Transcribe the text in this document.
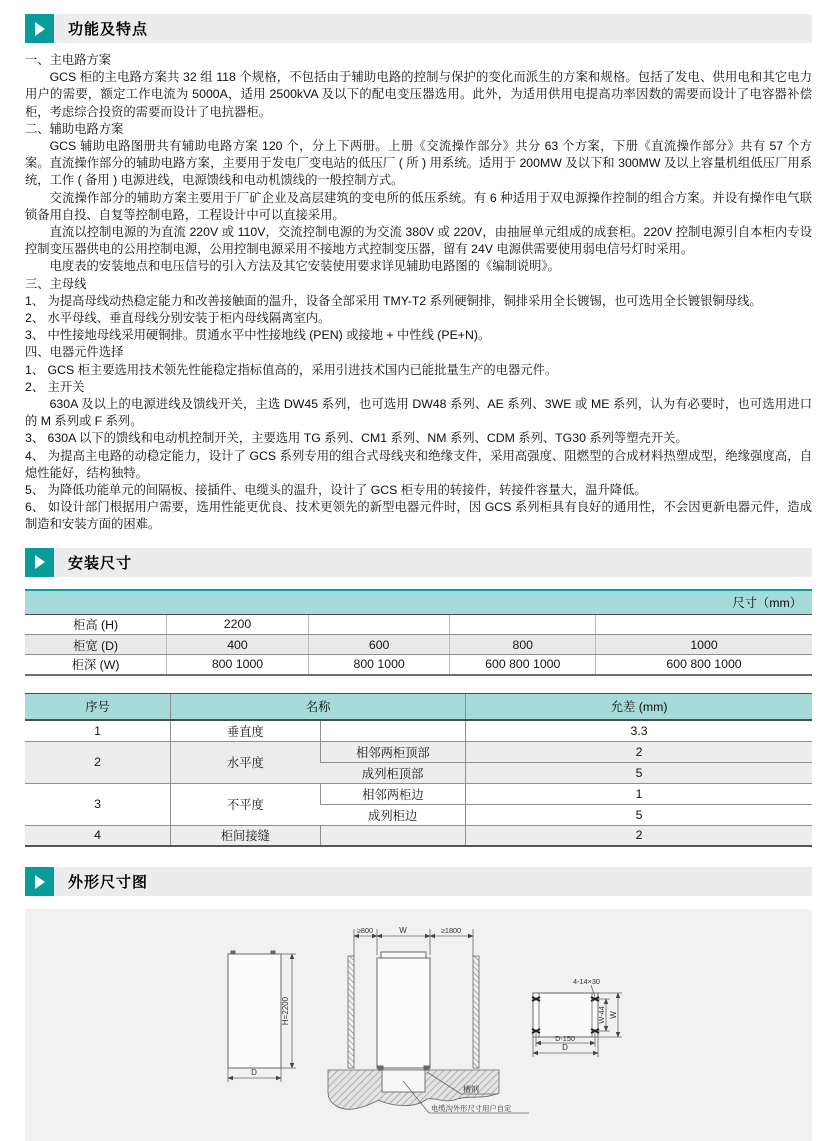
功能及特点
一、主电路方案
GCS 柜的主电路方案共 32 组 118 个规格，不包括由于辅助电路的控制与保护的变化而派生的方案和规格。包括了发电、供用电和其它电力用户的需要，额定工作电流为 5000A，适用 2500kVA 及以下的配电变压器选用。此外，为适用供用电提高功率因数的需要而设计了电容器补偿柜，考虑综合投资的需要而设计了电抗器柜。
二、辅助电路方案
GCS 辅助电路图册共有辅助电路方案 120 个，分上下两册。上册《交流操作部分》共分 63 个方案，下册《直流操作部分》共有 57 个方案。直流操作部分的辅助电路方案，主要用于发电厂变电站的低压厂 ( 所 ) 用系统。适用于 200MW 及以下和 300MW 及以上容量机组低压厂用系统，工作 ( 备用 ) 电源进线，电源馈线和电动机馈线的一般控制方式。
交流操作部分的辅助方案主要用于厂矿企业及高层建筑的变电所的低压系统。有 6 种适用于双电源操作控制的组合方案。并设有操作电气联锁备用自投、自复等控制电路，工程设计中可以直接采用。
直流以控制电源的为直流 220V 或 110V，交流控制电源的为交流 380V 或 220V，由抽屉单元组成的成套柜。220V 控制电源引自本柜内专设控制变压器供电的公用控制电源，公用控制电源采用不接地方式控制变压器，留有 24V 电源供需要使用弱电信号灯时采用。
电度表的安装地点和电压信号的引入方法及其它安装使用要求详见辅助电路图的《编制说明》。
三、主母线
1、 为提高母线动热稳定能力和改善接触面的温升，设备全部采用 TMY-T2 系列硬铜排，铜排采用全长镀锡，也可选用全长镀银铜母线。
2、 水平母线、垂直母线分别安装于柜内母线隔离室内。
3、 中性接地母线采用硬铜排。贯通水平中性接地线 (PEN) 或接地 + 中性线 (PE+N)。
四、电器元件选择
1、 GCS 柜主要选用技术领先性能稳定指标值高的，采用引进技术国内已能批量生产的电器元件。
2、 主开关
630A 及以上的电源进线及馈线开关，主选 DW45 系列，也可选用 DW48 系列、AE 系列、3WE 或 ME 系列，认为有必要时，也可选用进口的 M 系列或 F 系列。
3、 630A 以下的馈线和电动机控制开关，主要选用 TG 系列、CM1 系列、NM 系列、CDM 系列、TG30 系列等塑壳开关。
4、 为提高主电路的动稳定能力，设计了 GCS 系列专用的组合式母线夹和绝缘支件，采用高强度、阻燃型的合成材料热塑成型，绝缘强度高，自熄性能好，结构独特。
5、 为降低功能单元的间隔板、接插件、电缆头的温升，设计了 GCS 柜专用的转接件，转接件容量大，温升降低。
6、 如设计部门根据用户需要，选用性能更优良、技术更领先的新型电器元件时，因 GCS 系列柜具有良好的通用性，不会因更新电器元件，造成制造和安装方面的困难。
安装尺寸
尺寸（mm）
柜高 (H)	2200			
柜宽 (D)	400	600	800	1000
柜深 (W)	800 1000	800 1000	600 800 1000	600 800 1000
序号	名称		允差 (mm)
1	垂直度		3.3
2	水平度	相邻两柜顶部	2
		成列柜顶部	5
3	不平度	相邻两柜边	1
		成列柜边	5
4	柜间接缝		2
外形尺寸图
H=2200
D
≥800	W	≥1800
槽钢
电缆沟外形尺寸用户自定
4-14×30
W-44 W
D-150
D
